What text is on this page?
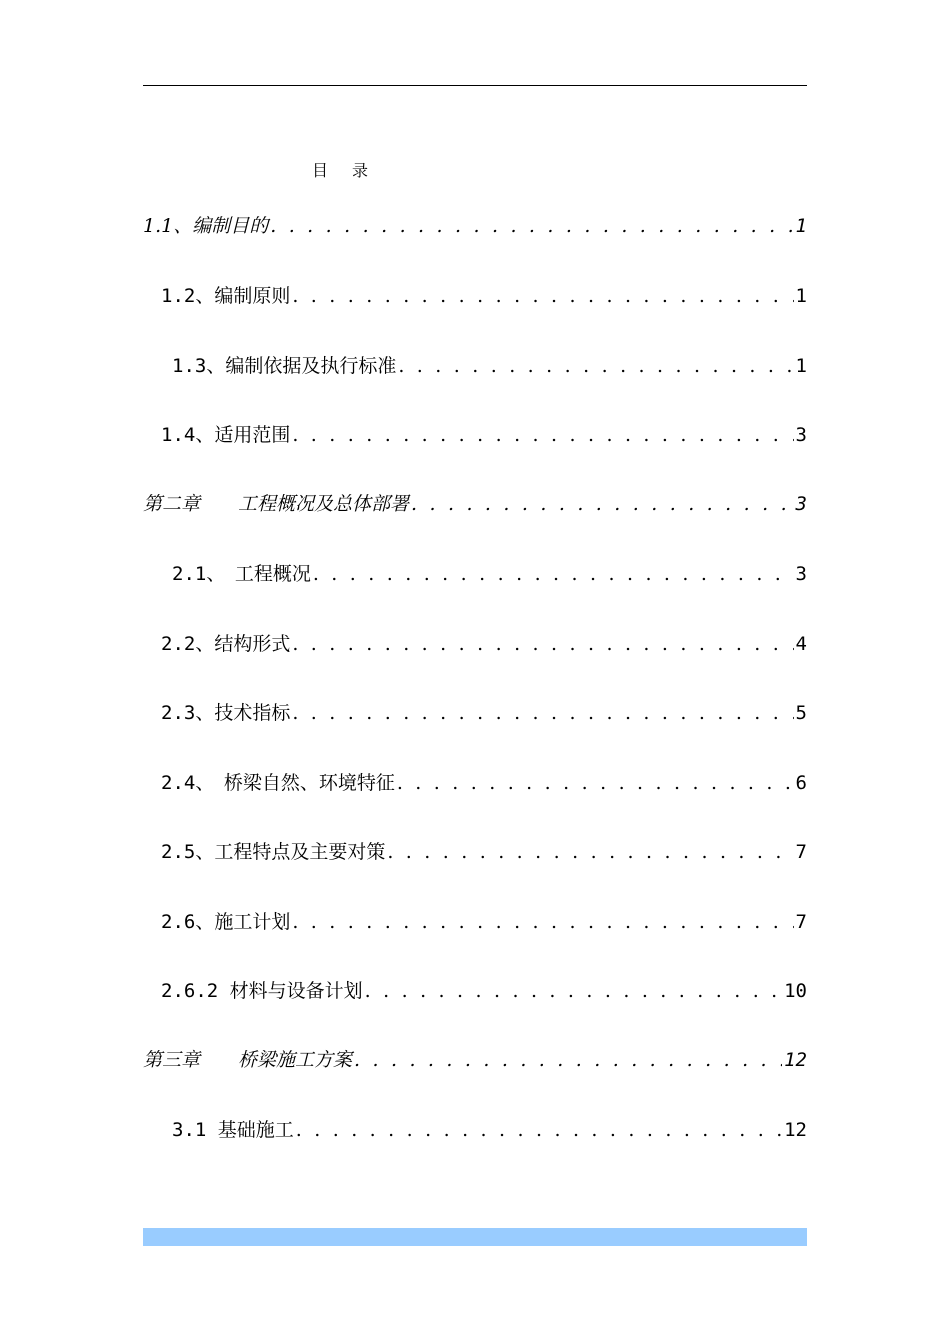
目 录
1.1、编制目的 . . .	1
1.2、编制原则 . . .	1
1.3、编制依据及执行标准 . . .	1
1.4、适用范围 . . .	3
第二章　　工程概况及总体部署 . . .	3
2.1、　工程概况 . . .	3
2.2、结构形式 . . .	4
2.3、技术指标 . . .	5
2.4、　桥梁自然、环境特征 . . .	6
2.5、工程特点及主要对策 . . .	7
2.6、施工计划 . . .	7
2.6.2 材料与设备计划 . . .	10
第三章　　桥梁施工方案 . . .	12
3.1 基础施工 . . .	12
